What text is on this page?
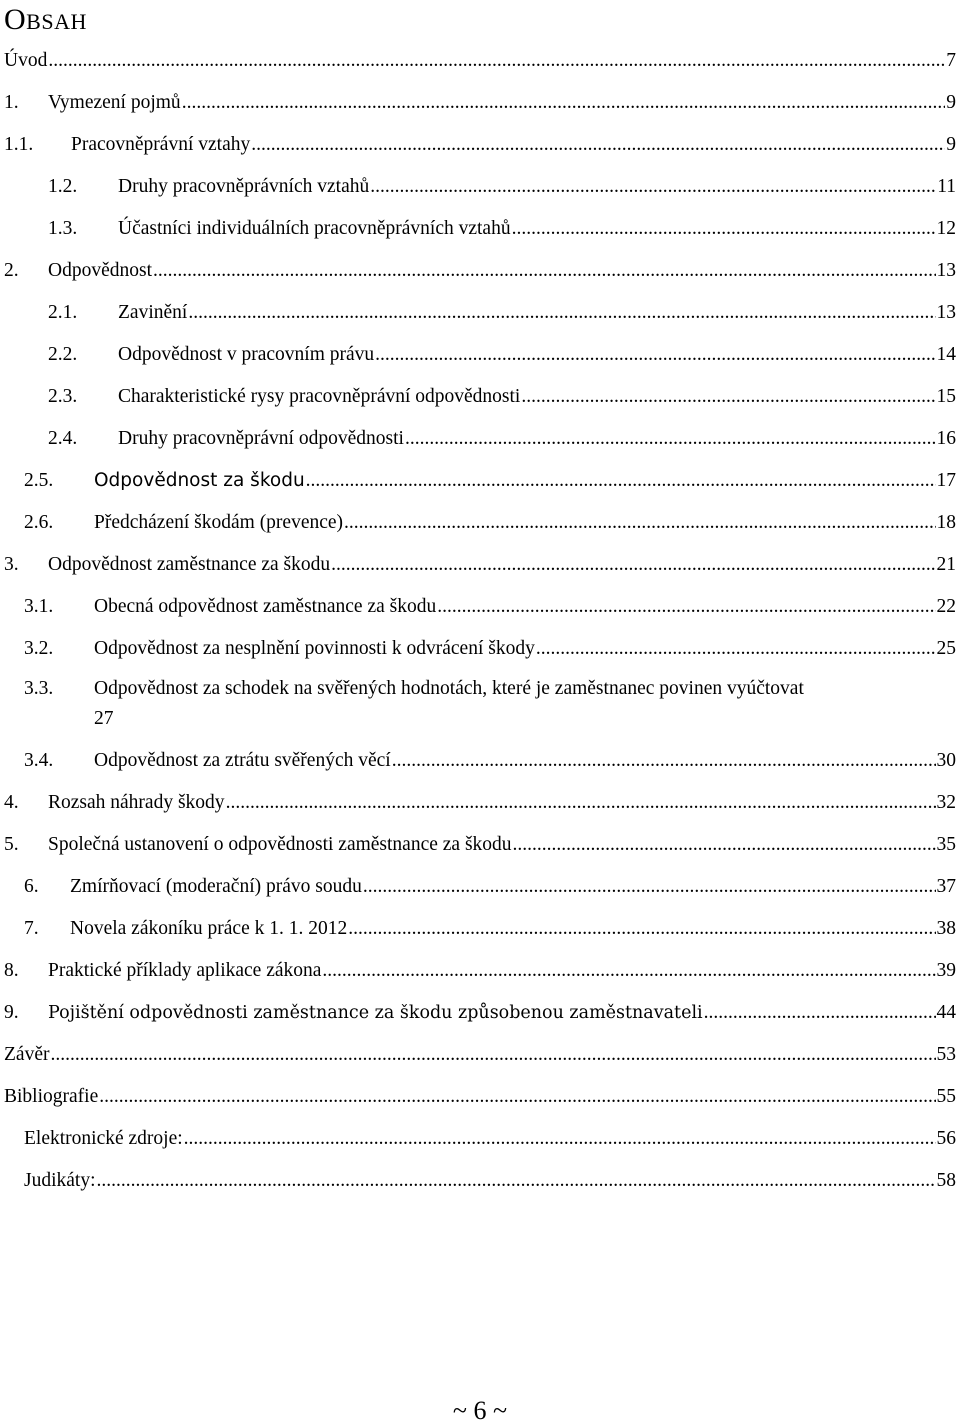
OBSAH
Úvod .....	7
1.	Vymezení pojmů .....	9
1.1.	Pracovněprávní vztahy .....	9
1.2.	Druhy pracovněprávních vztahů .....	11
1.3.	Účastníci individuálních pracovněprávních vztahů .....	12
2.	Odpovědnost .....	13
2.1.	Zavinění .....	13
2.2.	Odpovědnost v pracovním právu .....	14
2.3.	Charakteristické rysy pracovněprávní odpovědnosti .....	15
2.4.	Druhy pracovněprávní odpovědnosti .....	16
2.5.	Odpovědnost za škodu .....	17
2.6.	Předcházení škodám (prevence) .....	18
3.	Odpovědnost zaměstnance za škodu .....	21
3.1.	Obecná odpovědnost zaměstnance za škodu .....	22
3.2.	Odpovědnost za nesplnění povinnosti k odvrácení škody .....	25
3.3.	Odpovědnost za schodek na svěřených hodnotách, které je zaměstnanec povinen vyúčtovat
27
3.4.	Odpovědnost za ztrátu svěřených věcí .....	30
4.	Rozsah náhrady škody .....	32
5.	Společná ustanovení o odpovědnosti zaměstnance za škodu .....	35
6.	Zmírňovací (moderační) právo soudu .....	37
7.	Novela zákoníku práce k 1. 1. 2012 .....	38
8.	Praktické příklady aplikace zákona .....	39
9.	Pojištění odpovědnosti zaměstnance za škodu způsobenou zaměstnavateli .....	44
Závěr .....	53
Bibliografie .....	55
Elektronické zdroje: .....	56
Judikáty: .....	58
~ 6 ~
